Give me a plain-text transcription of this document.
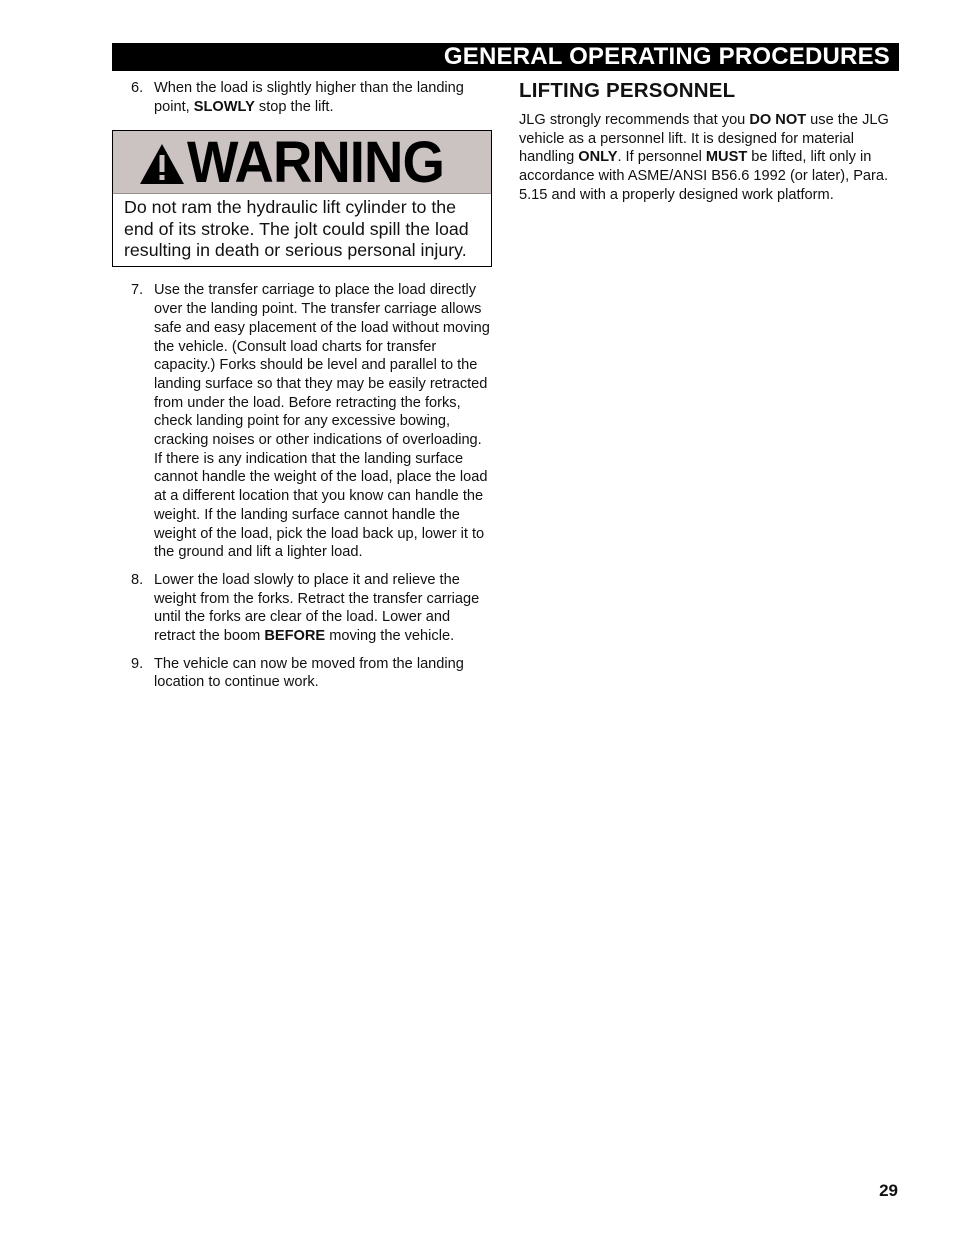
GENERAL OPERATING PROCEDURES
6. When the load is slightly higher than the landing point, SLOWLY stop the lift.

WARNING
Do not ram the hydraulic lift cylinder to the end of its stroke. The jolt could spill the load resulting in death or serious personal injury.
7. Use the transfer carriage to place the load directly over the landing point. The transfer carriage allows safe and easy placement of the load without moving the vehicle. (Consult load charts for transfer capacity.) Forks should be level and parallel to the landing surface so that they may be easily retracted from under the load. Before retracting the forks, check landing point for any excessive bowing, cracking noises or other indications of overloading. If there is any indication that the landing surface cannot handle the weight of the load, place the load at a different location that you know can handle the weight. If the landing surface cannot handle the weight of the load, pick the load back up, lower it to the ground and lift a lighter load.

8. Lower the load slowly to place it and relieve the weight from the forks. Retract the transfer carriage until the forks are clear of the load. Lower and retract the boom BEFORE moving the vehicle.

9. The vehicle can now be moved from the landing location to continue work.

LIFTING PERSONNEL
JLG strongly recommends that you DO NOT use the JLG vehicle as a personnel lift. It is designed for material handling ONLY. If personnel MUST be lifted, lift only in accordance with ASME/ANSI B56.6 1992 (or later), Para. 5.15 and with a properly designed work platform.
29
